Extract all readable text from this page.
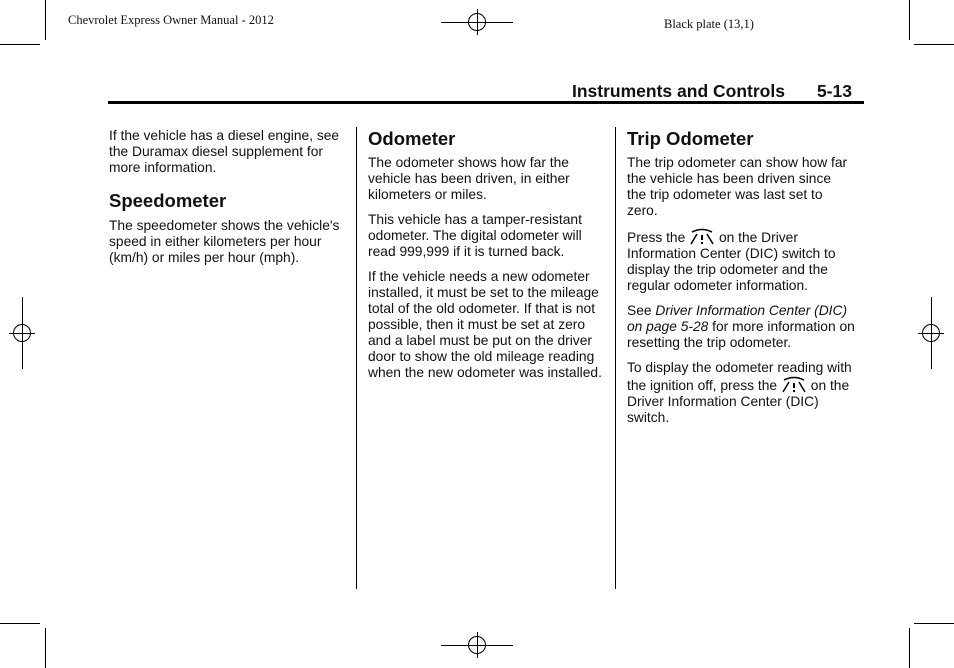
Chevrolet Express Owner Manual - 2012	Black plate (13,1)
Instruments and Controls 5-13

If the vehicle has a diesel engine, see the Duramax diesel supplement for more information.

Speedometer

The speedometer shows the vehicle's speed in either kilometers per hour (km/h) or miles per hour (mph).

Odometer

The odometer shows how far the vehicle has been driven, in either kilometers or miles.

This vehicle has a tamper-resistant odometer. The digital odometer will read 999,999 if it is turned back.

If the vehicle needs a new odometer installed, it must be set to the mileage total of the old odometer. If that is not possible, then it must be set at zero and a label must be put on the driver door to show the old mileage reading when the new odometer was installed.

Trip Odometer

The trip odometer can show how far the vehicle has been driven since the trip odometer was last set to zero.

Press the on the Driver Information Center (DIC) switch to display the trip odometer and the regular odometer information.

See Driver Information Center (DIC) on page 5-28 for more information on resetting the trip odometer.

To display the odometer reading with the ignition off, press the on the Driver Information Center (DIC) switch.
